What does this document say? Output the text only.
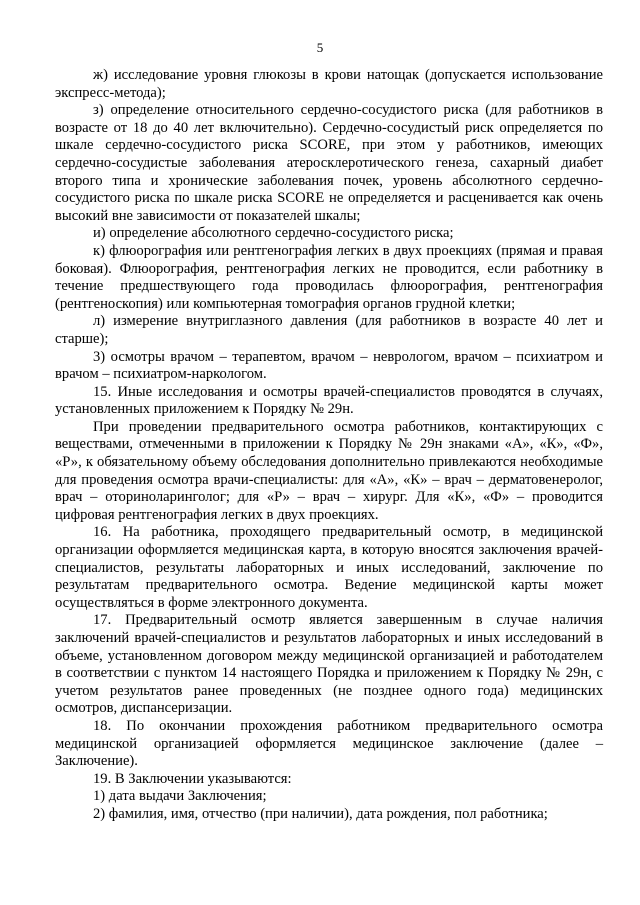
5

ж) исследование уровня глюкозы в крови натощак (допускается использование экспресс-метода);

з) определение относительного сердечно-сосудистого риска (для работников в возрасте от 18 до 40 лет включительно). Сердечно-сосудистый риск определяется по шкале сердечно-сосудистого риска SCORE, при этом у работников, имеющих сердечно-сосудистые заболевания атеросклеротического генеза, сахарный диабет второго типа и хронические заболевания почек, уровень абсолютного сердечно-сосудистого риска по шкале риска SCORE не определяется и расценивается как очень высокий вне зависимости от показателей шкалы;

и) определение абсолютного сердечно-сосудистого риска;

к) флюорография или рентгенография легких в двух проекциях (прямая и правая боковая). Флюорография, рентгенография легких не проводится, если работнику в течение предшествующего года проводилась флюорография, рентгенография (рентгеноскопия) или компьютерная томография органов грудной клетки;

л) измерение внутриглазного давления (для работников в возрасте 40 лет и старше);

3) осмотры врачом – терапевтом, врачом – неврологом, врачом – психиатром и врачом – психиатром-наркологом.

15. Иные исследования и осмотры врачей-специалистов проводятся в случаях, установленных приложением к Порядку № 29н.

При проведении предварительного осмотра работников, контактирующих с веществами, отмеченными в приложении к Порядку № 29н знаками «А», «К», «Ф», «Р», к обязательному объему обследования дополнительно привлекаются необходимые для проведения осмотра врачи-специалисты: для «А», «К» – врач – дерматовенеролог, врач – оториноларинголог; для «Р» – врач – хирург. Для «К», «Ф» – проводится цифровая рентгенография легких в двух проекциях.

16. На работника, проходящего предварительный осмотр, в медицинской организации оформляется медицинская карта, в которую вносятся заключения врачей-специалистов, результаты лабораторных и иных исследований, заключение по результатам предварительного осмотра. Ведение медицинской карты может осуществляться в форме электронного документа.

17. Предварительный осмотр является завершенным в случае наличия заключений врачей-специалистов и результатов лабораторных и иных исследований в объеме, установленном договором между медицинской организацией и работодателем в соответствии с пунктом 14 настоящего Порядка и приложением к Порядку № 29н, с учетом результатов ранее проведенных (не позднее одного года) медицинских осмотров, диспансеризации.

18. По окончании прохождения работником предварительного осмотра медицинской организацией оформляется медицинское заключение (далее – Заключение).

19. В Заключении указываются:

1) дата выдачи Заключения;

2) фамилия, имя, отчество (при наличии), дата рождения, пол работника;
